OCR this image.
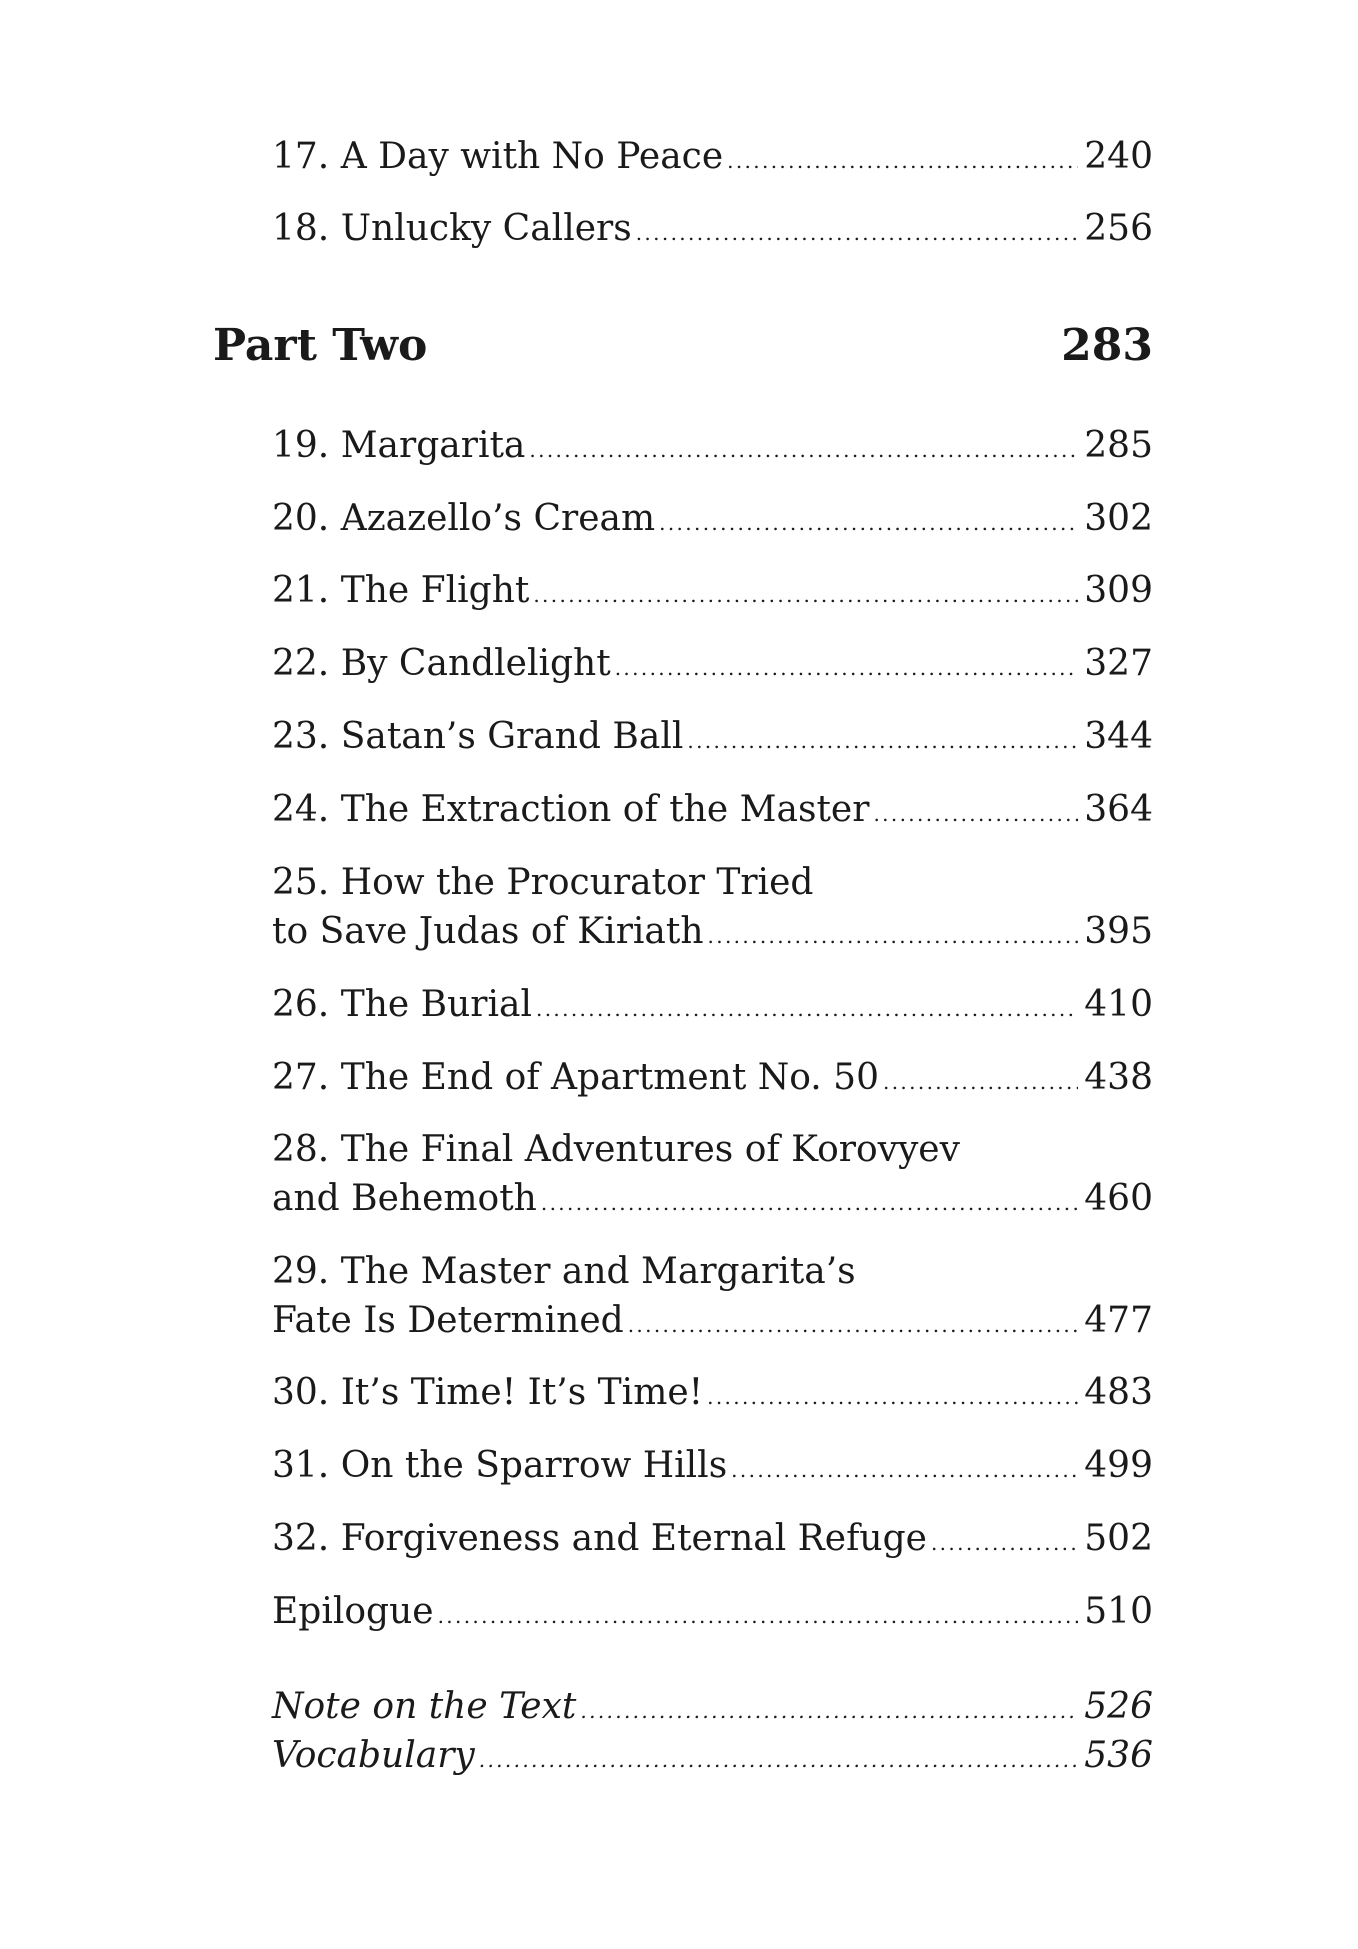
17. A Day with No Peace . . .	240
18. Unlucky Callers . . .	256
Part Two	283
19. Margarita . . .	285
20. Azazello’s Cream . . .	302
21. The Flight . . .	309
22. By Candlelight . . .	327
23. Satan’s Grand Ball . . .	344
24. The Extraction of the Master . . .	364
25. How the Procurator Tried
to Save Judas of Kiriath . . .	395
26. The Burial . . .	410
27. The End of Apartment No. 50 . . .	438
28. The Final Adventures of Korovyev
and Behemoth . . .	460
29. The Master and Margarita’s
Fate Is Determined . . .	477
30. It’s Time! It’s Time! . . .	483
31. On the Sparrow Hills . . .	499
32. Forgiveness and Eternal Refuge . . .	502
Epilogue . . .	510
Note on the Text . . .	526
Vocabulary . . .	536
